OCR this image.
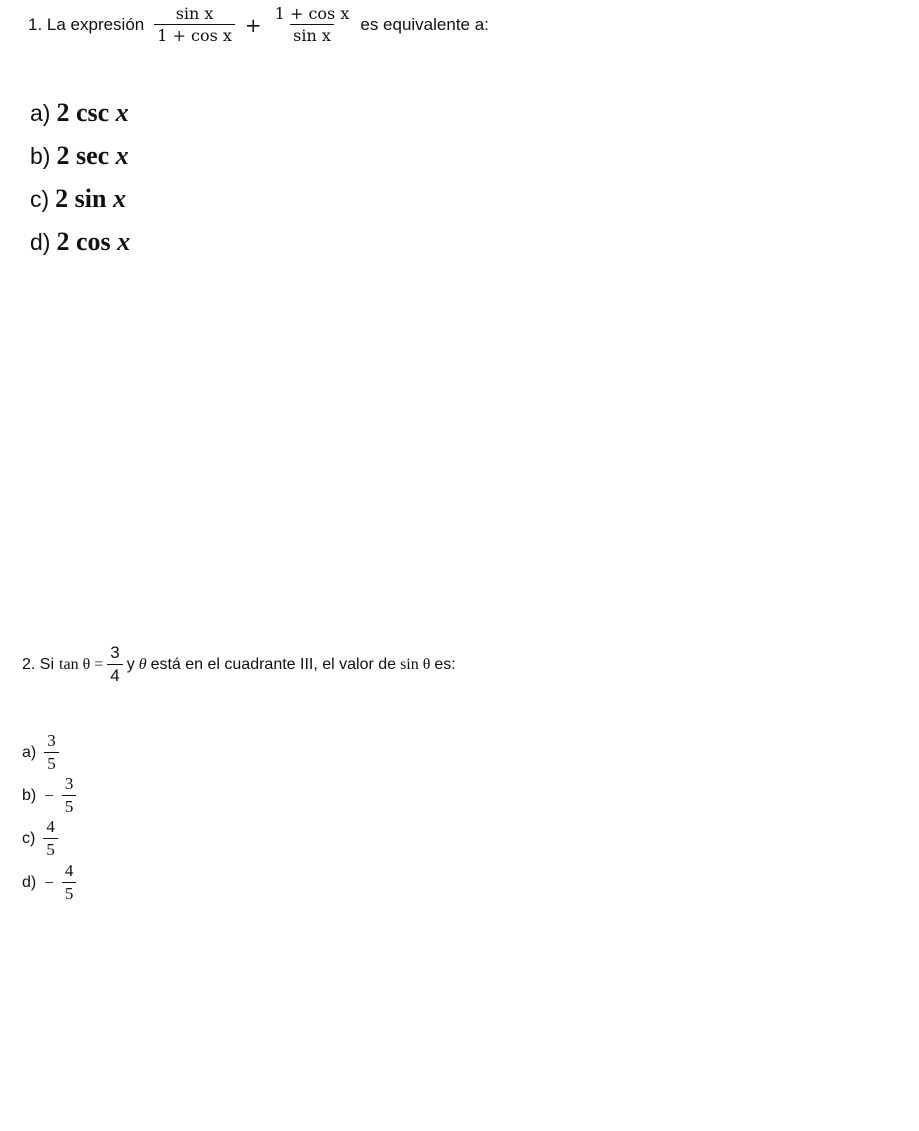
1. La expresión $\frac{\text{sin x}}{\text{1 + cos x}} + \frac{\text{1 + cos x}}{\text{sin x}}$ es equivalente a:
a) 2 csc x
b) 2 sec x
c) 2 sin x
d) 2 cos x
2. Si $\tan \theta = \frac{3}{4}$ y θ está en el cuadrante III, el valor de sin θ es:
$a) \frac{3}{5}$
$b) - \frac{3}{5}$
$c) \frac{4}{5}$
$d) - \frac{4}{5}$
